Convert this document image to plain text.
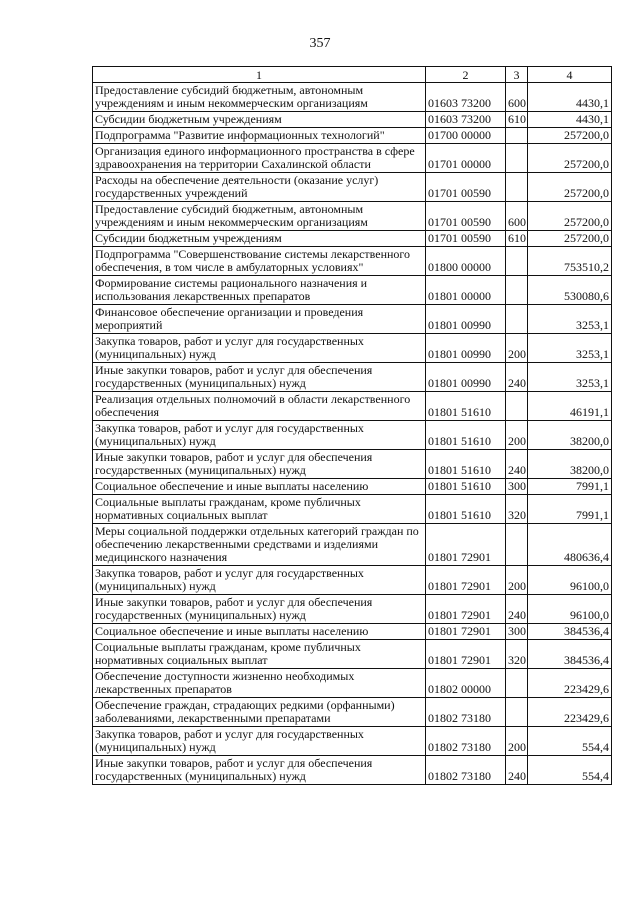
357
1	2	3	4
Предоставление субсидий бюджетным, автономным учреждениям и иным некоммерческим организациям	01603 73200	600	4430,1
Субсидии бюджетным учреждениям	01603 73200	610	4430,1
Подпрограмма "Развитие информационных технологий"	01700 00000		257200,0
Организация единого информационного пространства в сфере здравоохранения на территории Сахалинской области	01701 00000		257200,0
Расходы на обеспечение деятельности (оказание услуг) государственных учреждений	01701 00590		257200,0
Предоставление субсидий бюджетным, автономным учреждениям и иным некоммерческим организациям	01701 00590	600	257200,0
Субсидии бюджетным учреждениям	01701 00590	610	257200,0
Подпрограмма "Совершенствование системы лекарственного обеспечения, в том числе в амбулаторных условиях"	01800 00000		753510,2
Формирование системы рационального назначения и использования лекарственных препаратов	01801 00000		530080,6
Финансовое обеспечение организации и проведения мероприятий	01801 00990		3253,1
Закупка товаров, работ и услуг для государственных (муниципальных) нужд	01801 00990	200	3253,1
Иные закупки товаров, работ и услуг для обеспечения государственных (муниципальных) нужд	01801 00990	240	3253,1
Реализация отдельных полномочий в области лекарственного обеспечения	01801 51610		46191,1
Закупка товаров, работ и услуг для государственных (муниципальных) нужд	01801 51610	200	38200,0
Иные закупки товаров, работ и услуг для обеспечения государственных (муниципальных) нужд	01801 51610	240	38200,0
Социальное обеспечение и иные выплаты населению	01801 51610	300	7991,1
Социальные выплаты гражданам, кроме публичных нормативных социальных выплат	01801 51610	320	7991,1
Меры социальной поддержки отдельных категорий граждан по обеспечению лекарственными средствами и изделиями медицинского назначения	01801 72901		480636,4
Закупка товаров, работ и услуг для государственных (муниципальных) нужд	01801 72901	200	96100,0
Иные закупки товаров, работ и услуг для обеспечения государственных (муниципальных) нужд	01801 72901	240	96100,0
Социальное обеспечение и иные выплаты населению	01801 72901	300	384536,4
Социальные выплаты гражданам, кроме публичных нормативных социальных выплат	01801 72901	320	384536,4
Обеспечение доступности жизненно необходимых лекарственных препаратов	01802 00000		223429,6
Обеспечение граждан, страдающих редкими (орфанными) заболеваниями, лекарственными препаратами	01802 73180		223429,6
Закупка товаров, работ и услуг для государственных (муниципальных) нужд	01802 73180	200	554,4
Иные закупки товаров, работ и услуг для обеспечения государственных (муниципальных) нужд	01802 73180	240	554,4
